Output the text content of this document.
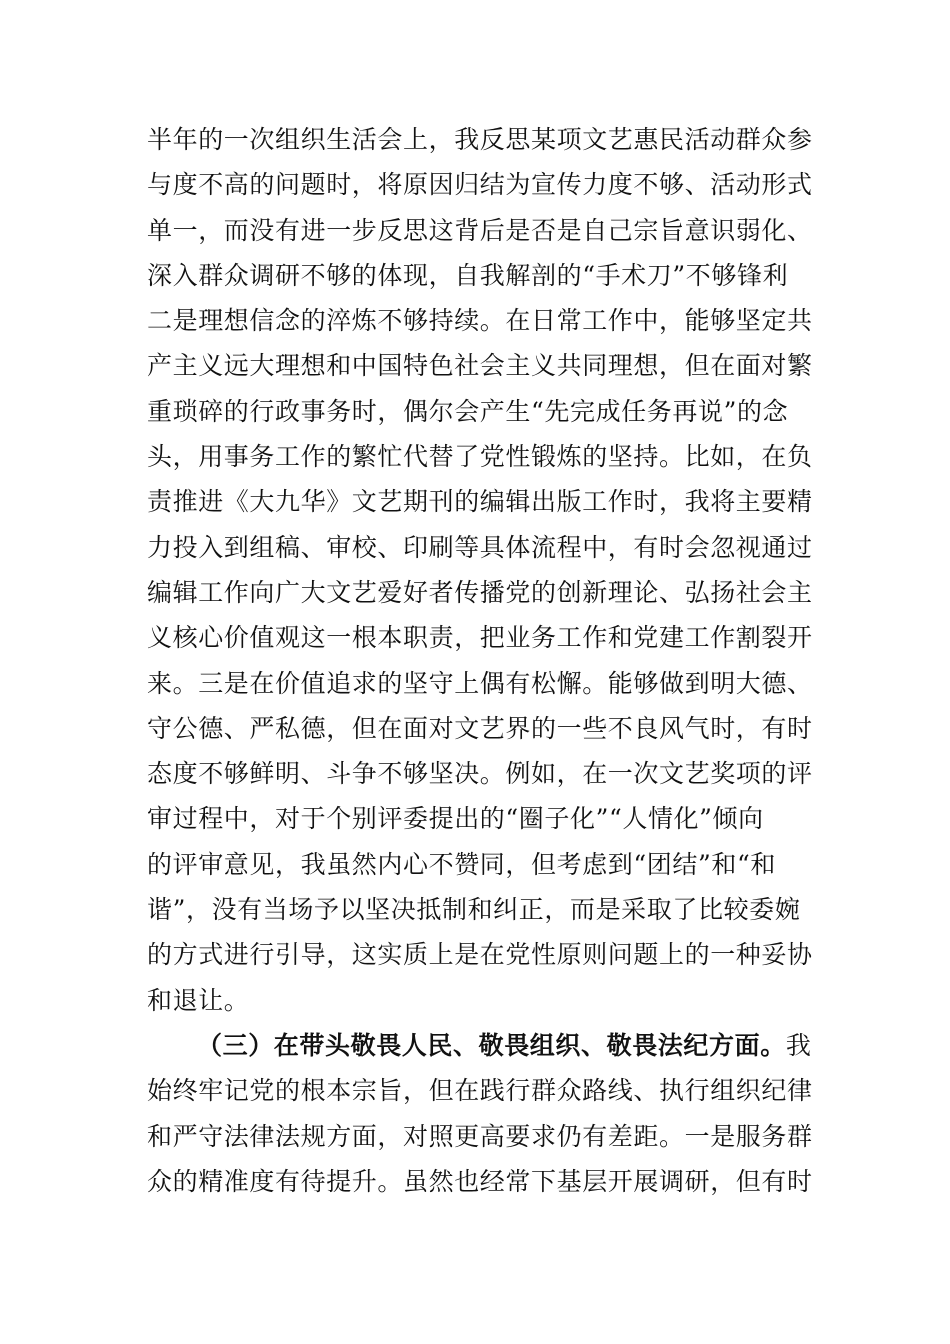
半年的一次组织生活会上，我反思某项文艺惠民活动群众参
与度不高的问题时，将原因归结为宣传力度不够、活动形式
单一，而没有进一步反思这背后是否是自己宗旨意识弱化、
深入群众调研不够的体现，自我解剖的“手术刀”不够锋利
二是理想信念的淬炼不够持续。在日常工作中，能够坚定共
产主义远大理想和中国特色社会主义共同理想，但在面对繁
重琐碎的行政事务时，偶尔会产生“先完成任务再说”的念
头，用事务工作的繁忙代替了党性锻炼的坚持。比如，在负
责推进《大九华》文艺期刊的编辑出版工作时，我将主要精
力投入到组稿、审校、印刷等具体流程中，有时会忽视通过
编辑工作向广大文艺爱好者传播党的创新理论、弘扬社会主
义核心价值观这一根本职责，把业务工作和党建工作割裂开
来。三是在价值追求的坚守上偶有松懈。能够做到明大德、
守公德、严私德，但在面对文艺界的一些不良风气时，有时
态度不够鲜明、斗争不够坚决。例如，在一次文艺奖项的评
审过程中，对于个别评委提出的“圈子化”“人情化”倾向
的评审意见，我虽然内心不赞同，但考虑到“团结”和“和
谐”，没有当场予以坚决抵制和纠正，而是采取了比较委婉
的方式进行引导，这实质上是在党性原则问题上的一种妥协
和退让。
（三）在带头敬畏人民、敬畏组织、敬畏法纪方面。我
始终牢记党的根本宗旨，但在践行群众路线、执行组织纪律
和严守法律法规方面，对照更高要求仍有差距。一是服务群
众的精准度有待提升。虽然也经常下基层开展调研，但有时
